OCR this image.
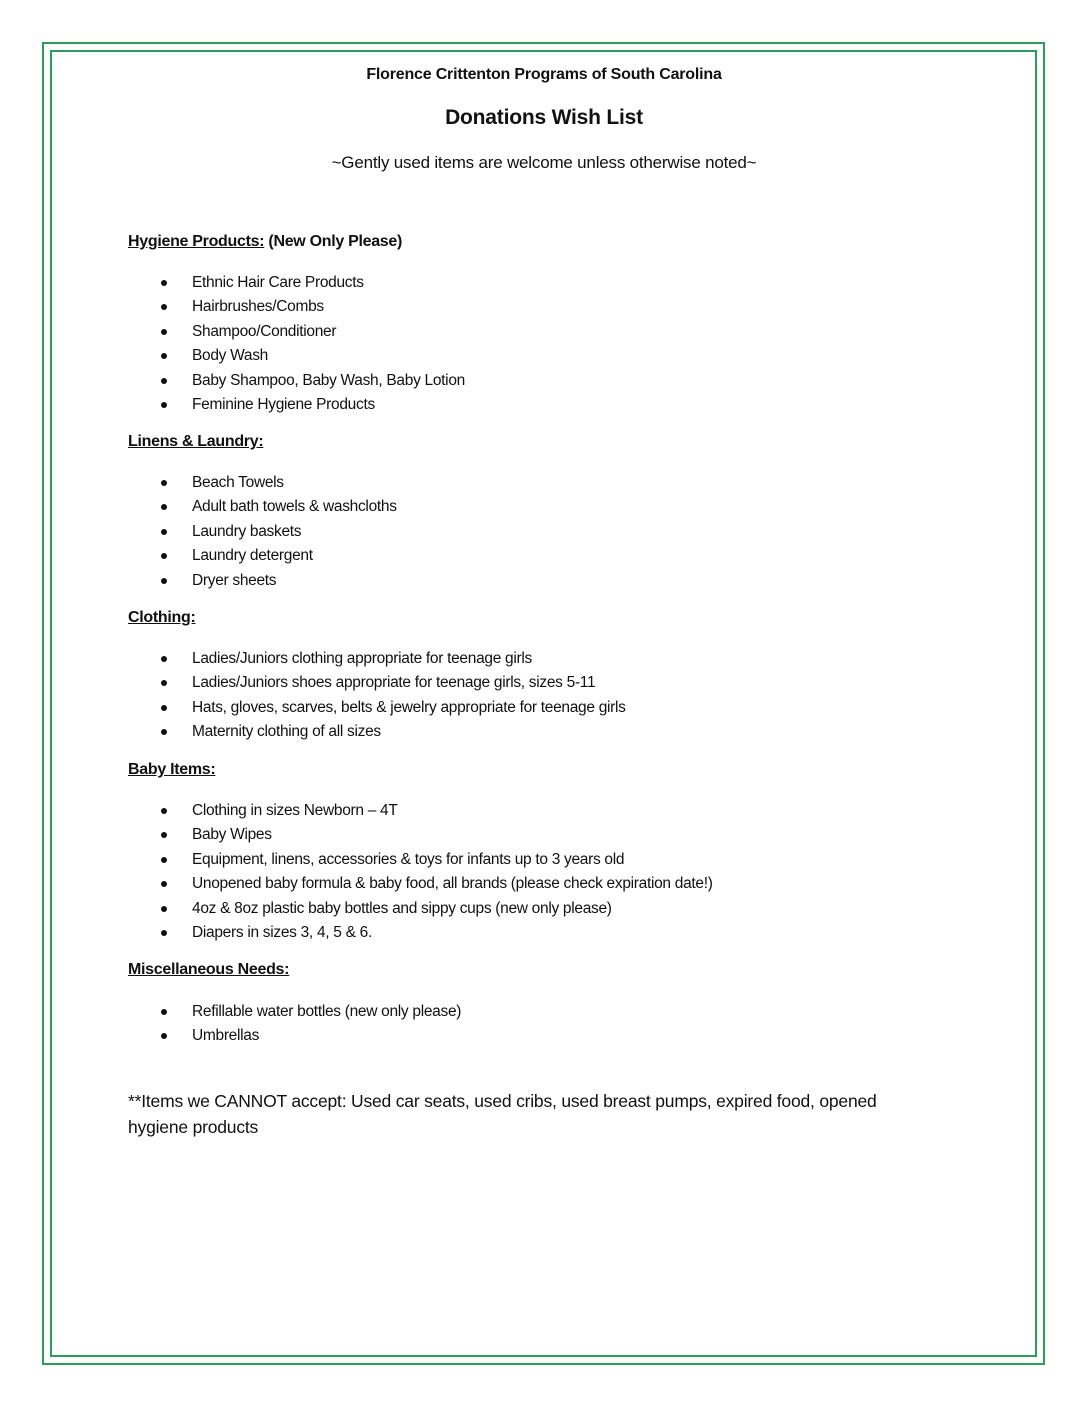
Florence Crittenton Programs of South Carolina
Donations Wish List
~Gently used items are welcome unless otherwise noted~
Hygiene Products: (New Only Please)
Ethnic Hair Care Products
Hairbrushes/Combs
Shampoo/Conditioner
Body Wash
Baby Shampoo, Baby Wash, Baby Lotion
Feminine Hygiene Products
Linens & Laundry:
Beach Towels
Adult bath towels & washcloths
Laundry baskets
Laundry detergent
Dryer sheets
Clothing:
Ladies/Juniors clothing appropriate for teenage girls
Ladies/Juniors shoes appropriate for teenage girls, sizes 5-11
Hats, gloves, scarves, belts & jewelry appropriate for teenage girls
Maternity clothing of all sizes
Baby Items:
Clothing in sizes Newborn – 4T
Baby Wipes
Equipment, linens, accessories & toys for infants up to 3 years old
Unopened baby formula & baby food, all brands (please check expiration date!)
4oz & 8oz plastic baby bottles and sippy cups (new only please)
Diapers in sizes 3, 4, 5 & 6.
Miscellaneous Needs:
Refillable water bottles (new only please)
Umbrellas
**Items we CANNOT accept: Used car seats, used cribs, used breast pumps, expired food, opened hygiene products
